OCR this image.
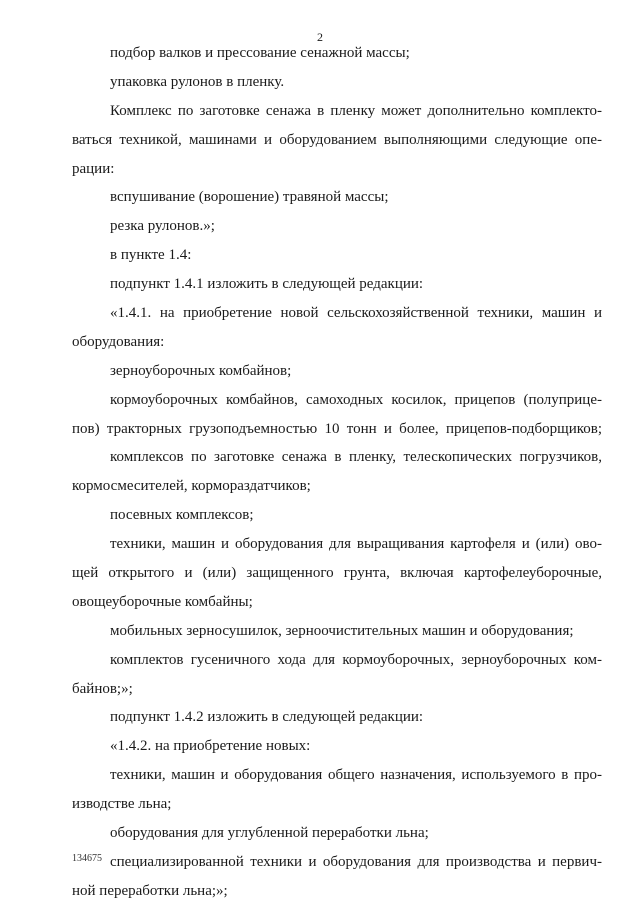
2
подбор валков и прессование сенажной массы;
упаковка рулонов в пленку.
Комплекс по заготовке сенажа в пленку может дополнительно комплекто-
ваться техникой, машинами и оборудованием выполняющими следующие опе-
рации:
вспушивание (ворошение) травяной массы;
резка рулонов.»;
в пункте 1.4:
подпункт 1.4.1 изложить в следующей редакции:
«1.4.1. на приобретение новой сельскохозяйственной техники, машин и
оборудования:
зерноуборочных комбайнов;
кормоуборочных комбайнов, самоходных косилок, прицепов (полуприце-
пов) тракторных грузоподъемностью 10 тонн и более, прицепов-подборщиков;
комплексов по заготовке сенажа в пленку, телескопических погрузчиков,
кормосмесителей, кормораздатчиков;
посевных комплексов;
техники, машин и оборудования для выращивания картофеля и (или) ово-
щей открытого и (или) защищенного грунта, включая картофелеуборочные,
овощеуборочные комбайны;
мобильных зерносушилок, зерноочистительных машин и оборудования;
комплектов гусеничного хода для кормоуборочных, зерноуборочных ком-
байнов;»;
подпункт 1.4.2 изложить в следующей редакции:
«1.4.2. на приобретение новых:
техники, машин и оборудования общего назначения, используемого в про-
изводстве льна;
оборудования для углубленной переработки льна;
специализированной техники и оборудования для производства и первич-
ной переработки льна;»;
134675
